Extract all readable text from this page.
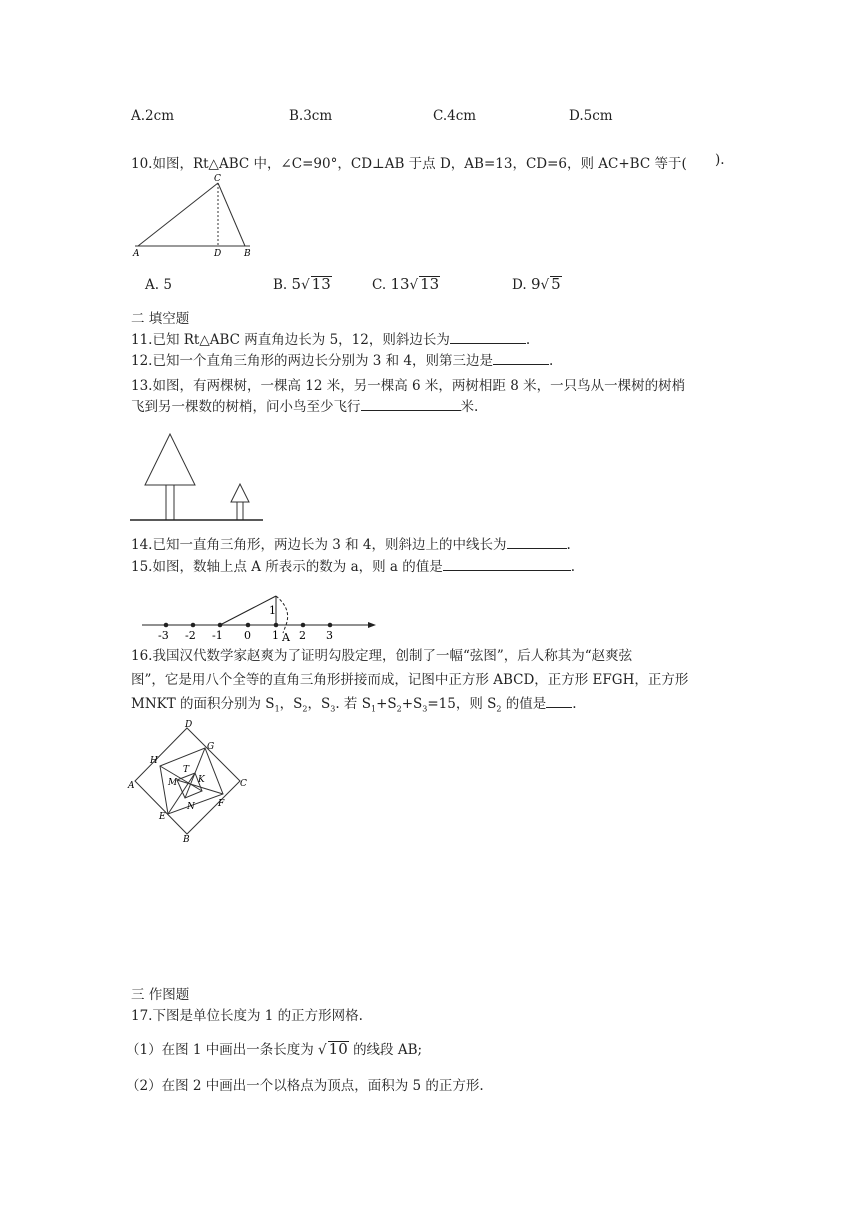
A.2cm	B.3cm	C.4cm	D.5cm
10.如图，Rt△ABC 中，∠C=90°，CD⊥AB 于点 D，AB=13，CD=6，则 AC+BC 等于( ).
C
A	D	B
A. 5	B. 5√ 13	C. 13√ 13	D. 9√ 5
二 填空题
11.已知 Rt△ABC 两直角边长为 5，12，则斜边长为	.
12.已知一个直角三角形的两边长分别为 3 和 4，则第三边是	.
13.如图，有两棵树，一棵高 12 米，另一棵高 6 米，两树相距 8 米，一只鸟从一棵树的树梢
飞到另一棵数的树梢，问小鸟至少飞行	米.
14.已知一直角三角形，两边长为 3 和 4，则斜边上的中线长为	.
15.如图，数轴上点 A 所表示的数为 a，则 a 的值是	.
1
-3 -2 -1 0 1 A 2 3
16.我国汉代数学家赵爽为了证明勾股定理，创制了一幅“弦图”，后人称其为“赵爽弦
图”，它是用八个全等的直角三角形拼接而成，记图中正方形 ABCD，正方形 EFGH，正方形
MNKT 的面积分别为 $S_1$，$S_2$，$S_3$. 若 $S_1+S_2+S_3=15$，则 $S_2$ 的值是 .
D
H
G
T
M K
A	C
N
E
F
B
三 作图题
17.下图是单位长度为 1 的正方形网格.
（1）在图 1 中画出一条长度为 √ 10 的线段 AB;
（2）在图 2 中画出一个以格点为顶点，面积为 5 的正方形.
